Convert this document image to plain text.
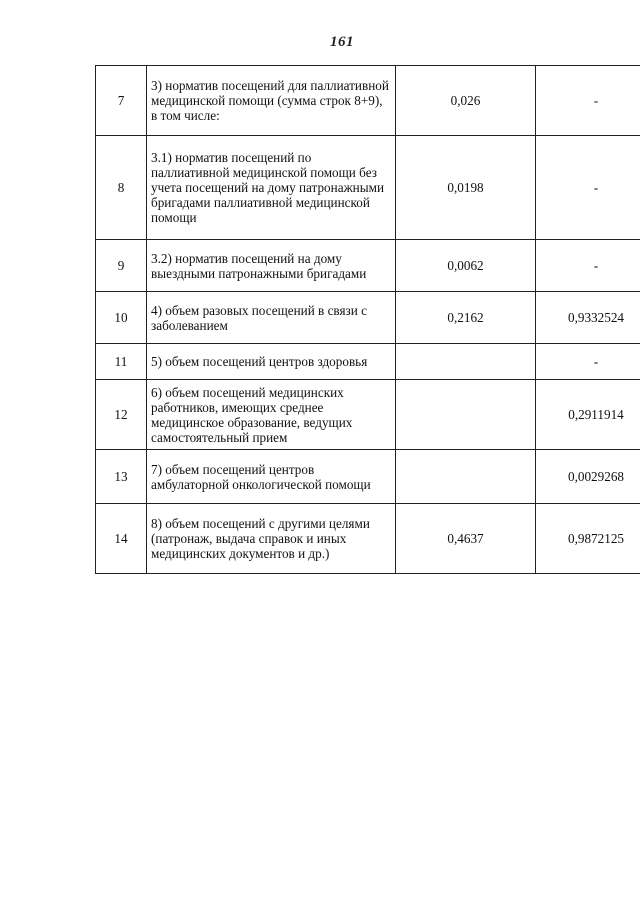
161
7	3) норматив посещений для паллиативной медицинской помощи (сумма строк 8+9), в том числе:	0,026	-
8	3.1) норматив посещений по паллиативной медицинской помощи без учета посещений на дому патронажными бригадами паллиативной медицинской помощи	0,0198	-
9	3.2) норматив посещений на дому выездными патронажными бригадами	0,0062	-
10	4) объем разовых посещений в связи с заболеванием	0,2162	0,9332524
11	5) объем посещений центров здоровья		-
12	6) объем посещений медицинских работников, имеющих среднее медицинское образование, ведущих самостоятельный прием		0,2911914
13	7) объем посещений центров амбулаторной онкологической помощи		0,0029268
14	8) объем посещений с другими целями (патронаж, выдача справок и иных медицинских документов и др.)	0,4637	0,9872125
